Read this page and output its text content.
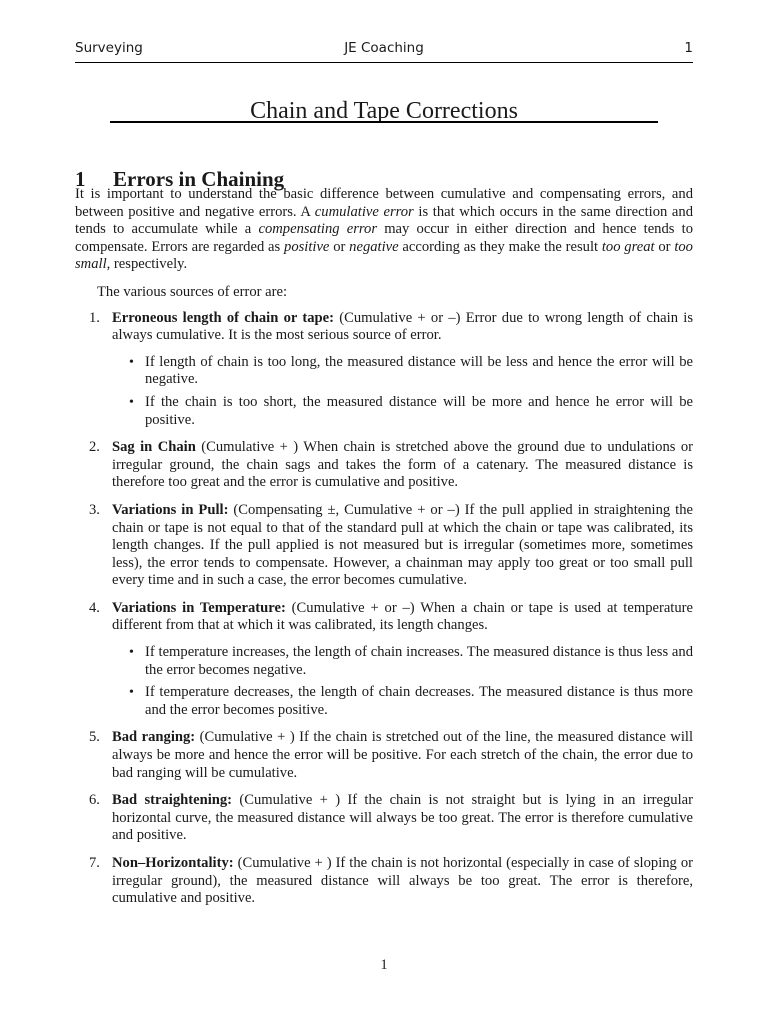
Surveying	JE Coaching	1
Chain and Tape Corrections
1 Errors in Chaining

It is important to understand the basic difference between cumulative and compensating errors, and between positive and negative errors. A cumulative error is that which occurs in the same direction and tends to accumulate while a compensating error may occur in either direction and hence tends to compensate. Errors are regarded as positive or negative according as they make the result too great or too small, respectively.

The various sources of error are:

1. Erroneous length of chain or tape: (Cumulative + or –) Error due to wrong length of chain is always cumulative. It is the most serious source of error.
• If length of chain is too long, the measured distance will be less and hence the error will be negative.
• If the chain is too short, the measured distance will be more and hence he error will be positive.
2. Sag in Chain (Cumulative + ) When chain is stretched above the ground due to undulations or irregular ground, the chain sags and takes the form of a catenary. The measured distance is therefore too great and the error is cumulative and positive.
3. Variations in Pull: (Compensating ±, Cumulative + or –) If the pull applied in straightening the chain or tape is not equal to that of the standard pull at which the chain or tape was calibrated, its length changes. If the pull applied is not measured but is irregular (sometimes more, sometimes less), the error tends to compensate. However, a chainman may apply too great or too small pull every time and in such a case, the error becomes cumulative.
4. Variations in Temperature: (Cumulative + or –) When a chain or tape is used at temperature different from that at which it was calibrated, its length changes.
• If temperature increases, the length of chain increases. The measured distance is thus less and the error becomes negative.
• If temperature decreases, the length of chain decreases. The measured distance is thus more and the error becomes positive.
5. Bad ranging: (Cumulative + ) If the chain is stretched out of the line, the measured distance will always be more and hence the error will be positive. For each stretch of the chain, the error due to bad ranging will be cumulative.
6. Bad straightening: (Cumulative + ) If the chain is not straight but is lying in an irregular horizontal curve, the measured distance will always be too great. The error is therefore cumulative and positive.
7. Non–Horizontality: (Cumulative + ) If the chain is not horizontal (especially in case of sloping or irregular ground), the measured distance will always be too great. The error is therefore, cumulative and positive.
1
